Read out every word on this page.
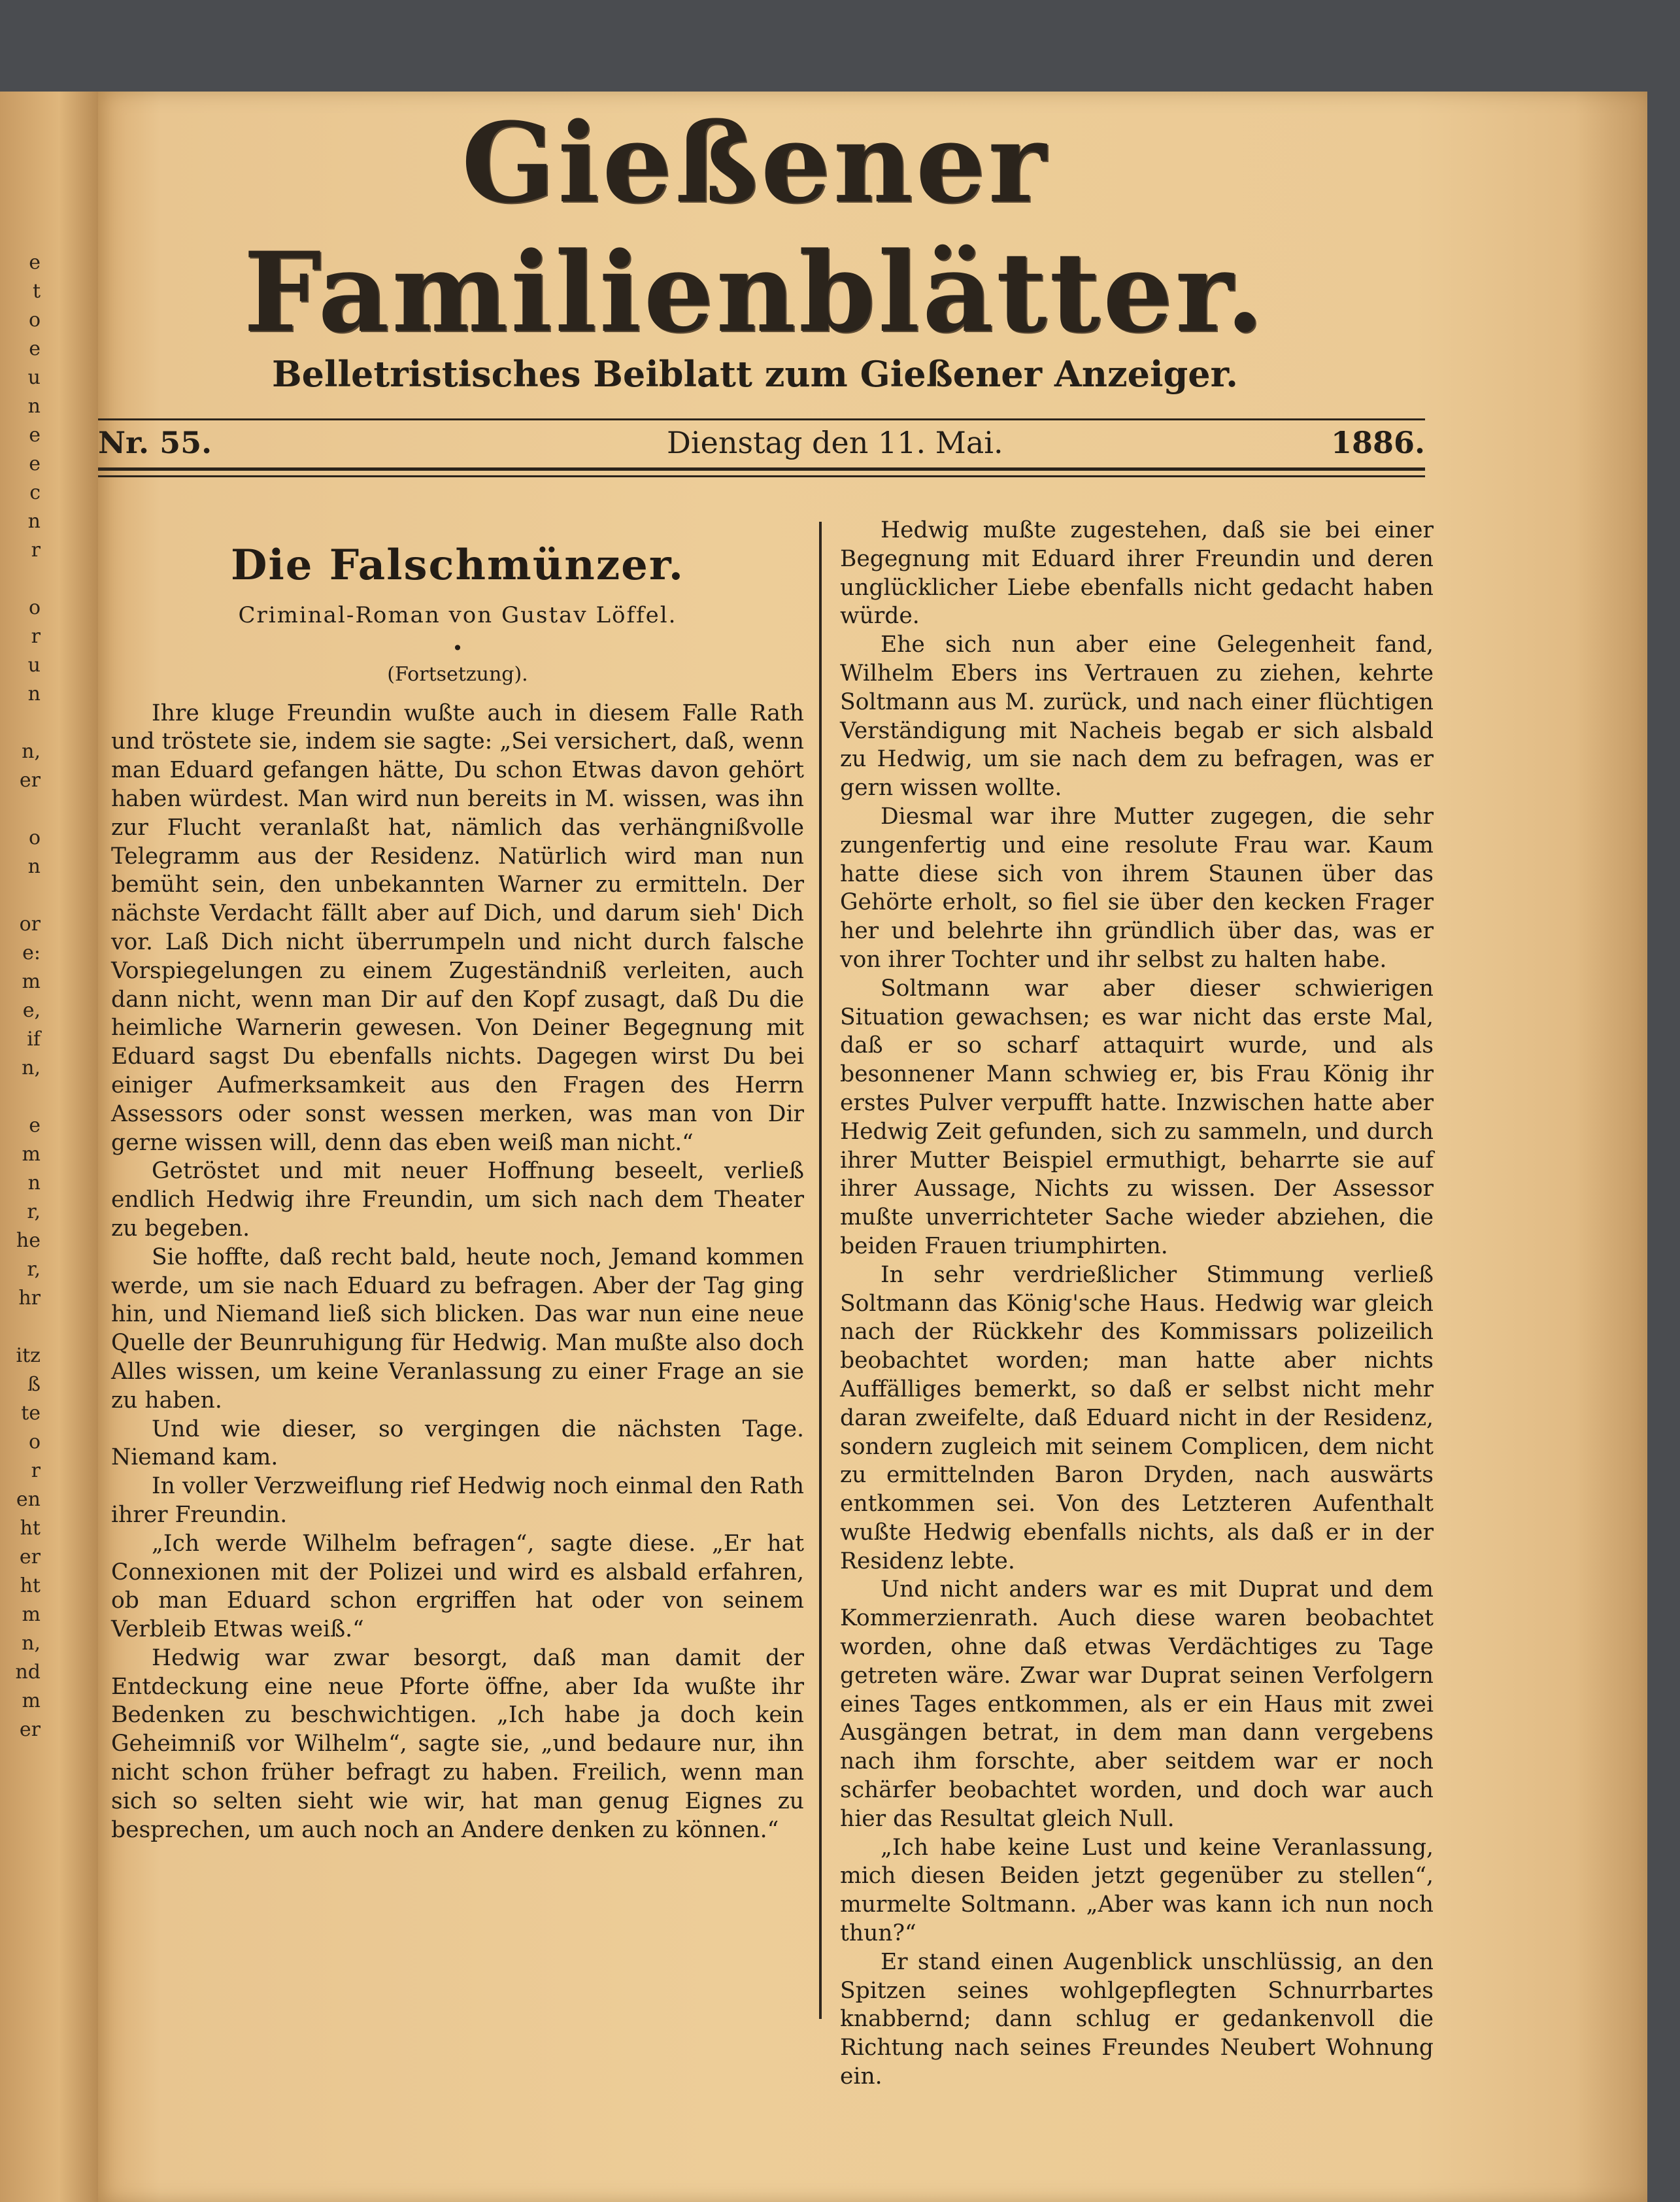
e
t
o
e
u
n
e
e
c
n
r
o
r
u
n
n,
er
o
n
or
e:
m
e,
if
n,
e
m
n
r,
he
r,
hr
itz
ß
te
o
r
en
ht
er
ht
m
n,
nd
m
er
Gießener Familienblätter.
Belletristisches Beiblatt zum Gießener Anzeiger.
Nr. 55.	Dienstag den 11. Mai.	1886.
Die Falschmünzer.
Criminal-Roman von Gustav Löffel.
•
(Fortsetzung).

Ihre kluge Freundin wußte auch in diesem Falle Rath und tröstete sie, indem sie sagte: „Sei versichert, daß, wenn man Eduard gefangen hätte, Du schon Etwas davon gehört haben würdest. Man wird nun bereits in M. wissen, was ihn zur Flucht veranlaßt hat, nämlich das verhängnißvolle Telegramm aus der Residenz. Natürlich wird man nun bemüht sein, den unbekannten Warner zu ermitteln. Der nächste Verdacht fällt aber auf Dich, und darum sieh' Dich vor. Laß Dich nicht überrumpeln und nicht durch falsche Vorspiegelungen zu einem Zugeständniß verleiten, auch dann nicht, wenn man Dir auf den Kopf zusagt, daß Du die heimliche Warnerin gewesen. Von Deiner Begegnung mit Eduard sagst Du ebenfalls nichts. Dagegen wirst Du bei einiger Aufmerksamkeit aus den Fragen des Herrn Assessors oder sonst wessen merken, was man von Dir gerne wissen will, denn das eben weiß man nicht.“

Getröstet und mit neuer Hoffnung beseelt, verließ endlich Hedwig ihre Freundin, um sich nach dem Theater zu begeben.

Sie hoffte, daß recht bald, heute noch, Jemand kommen werde, um sie nach Eduard zu befragen. Aber der Tag ging hin, und Niemand ließ sich blicken. Das war nun eine neue Quelle der Beunruhigung für Hedwig. Man mußte also doch Alles wissen, um keine Veranlassung zu einer Frage an sie zu haben.

Und wie dieser, so vergingen die nächsten Tage. Niemand kam.

In voller Verzweiflung rief Hedwig noch einmal den Rath ihrer Freundin.

„Ich werde Wilhelm befragen“, sagte diese. „Er hat Connexionen mit der Polizei und wird es alsbald erfahren, ob man Eduard schon ergriffen hat oder von seinem Verbleib Etwas weiß.“

Hedwig war zwar besorgt, daß man damit der Entdeckung eine neue Pforte öffne, aber Ida wußte ihr Bedenken zu beschwichtigen. „Ich habe ja doch kein Geheimniß vor Wilhelm“, sagte sie, „und bedaure nur, ihn nicht schon früher befragt zu haben. Freilich, wenn man sich so selten sieht wie wir, hat man genug Eignes zu besprechen, um auch noch an Andere denken zu können.“

Hedwig mußte zugestehen, daß sie bei einer Begegnung mit Eduard ihrer Freundin und deren unglücklicher Liebe ebenfalls nicht gedacht haben würde.

Ehe sich nun aber eine Gelegenheit fand, Wilhelm Ebers ins Vertrauen zu ziehen, kehrte Soltmann aus M. zurück, und nach einer flüchtigen Verständigung mit Nacheis begab er sich alsbald zu Hedwig, um sie nach dem zu befragen, was er gern wissen wollte.

Diesmal war ihre Mutter zugegen, die sehr zungenfertig und eine resolute Frau war. Kaum hatte diese sich von ihrem Staunen über das Gehörte erholt, so fiel sie über den kecken Frager her und belehrte ihn gründlich über das, was er von ihrer Tochter und ihr selbst zu halten habe.

Soltmann war aber dieser schwierigen Situation gewachsen; es war nicht das erste Mal, daß er so scharf attaquirt wurde, und als besonnener Mann schwieg er, bis Frau König ihr erstes Pulver verpufft hatte. Inzwischen hatte aber Hedwig Zeit gefunden, sich zu sammeln, und durch ihrer Mutter Beispiel ermuthigt, beharrte sie auf ihrer Aussage, Nichts zu wissen. Der Assessor mußte unverrichteter Sache wieder abziehen, die beiden Frauen triumphirten.

In sehr verdrießlicher Stimmung verließ Soltmann das König'sche Haus. Hedwig war gleich nach der Rückkehr des Kommissars polizeilich beobachtet worden; man hatte aber nichts Auffälliges bemerkt, so daß er selbst nicht mehr daran zweifelte, daß Eduard nicht in der Residenz, sondern zugleich mit seinem Complicen, dem nicht zu ermittelnden Baron Dryden, nach auswärts entkommen sei. Von des Letzteren Aufenthalt wußte Hedwig ebenfalls nichts, als daß er in der Residenz lebte.

Und nicht anders war es mit Duprat und dem Kommerzienrath. Auch diese waren beobachtet worden, ohne daß etwas Verdächtiges zu Tage getreten wäre. Zwar war Duprat seinen Verfolgern eines Tages entkommen, als er ein Haus mit zwei Ausgängen betrat, in dem man dann vergebens nach ihm forschte, aber seitdem war er noch schärfer beobachtet worden, und doch war auch hier das Resultat gleich Null.

„Ich habe keine Lust und keine Veranlassung, mich diesen Beiden jetzt gegenüber zu stellen“, murmelte Soltmann. „Aber was kann ich nun noch thun?“

Er stand einen Augenblick unschlüssig, an den Spitzen seines wohlgepflegten Schnurrbartes knabbernd; dann schlug er gedankenvoll die Richtung nach seines Freundes Neubert Wohnung ein.
